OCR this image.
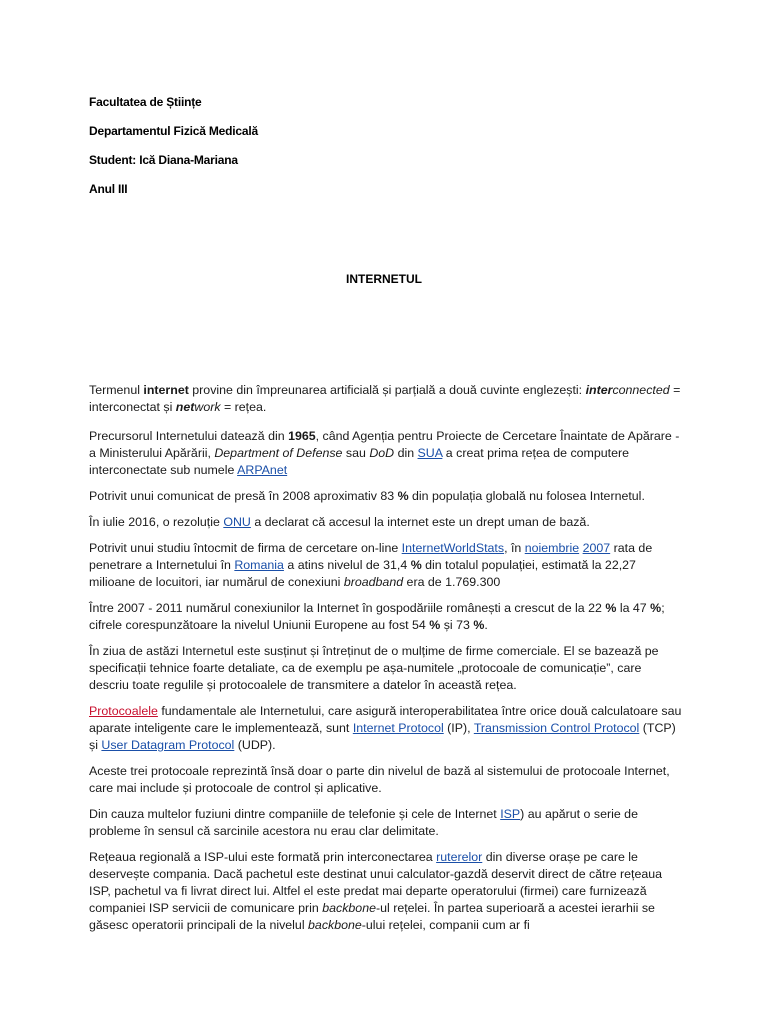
Facultatea de Științe
Departamentul Fizică Medicală
Student: Ică Diana-Mariana
Anul III
INTERNETUL

Termenul internet provine din împreunarea artificială și parțială a două cuvinte englezești: interconnected = interconectat și network = rețea.

Precursorul Internetului datează din 1965, când Agenția pentru Proiecte de Cercetare Înaintate de Apărare - a Ministerului Apărării, Department of Defense sau DoD din SUA a creat prima rețea de computere interconectate sub numele ARPAnet

Potrivit unui comunicat de presă în 2008 aproximativ 83 % din populația globală nu folosea Internetul.

În iulie 2016, o rezoluție ONU a declarat că accesul la internet este un drept uman de bază.

Potrivit unui studiu întocmit de firma de cercetare on-line InternetWorldStats, în noiembrie 2007 rata de penetrare a Internetului în Romania a atins nivelul de 31,4 % din totalul populației, estimată la 22,27 milioane de locuitori, iar numărul de conexiuni broadband era de 1.769.300

Între 2007 - 2011 numărul conexiunilor la Internet în gospodăriile românești a crescut de la 22 % la 47 %; cifrele corespunzătoare la nivelul Uniunii Europene au fost 54 % și 73 %.

În ziua de astăzi Internetul este susținut și întreținut de o mulțime de firme comerciale. El se bazează pe specificații tehnice foarte detaliate, ca de exemplu pe așa-numitele „protocoale de comunicație”, care descriu toate regulile și protocoalele de transmitere a datelor în această rețea.

Protocoalele fundamentale ale Internetului, care asigură interoperabilitatea între orice două calculatoare sau aparate inteligente care le implementează, sunt Internet Protocol (IP), Transmission Control Protocol (TCP) și User Datagram Protocol (UDP).

Aceste trei protocoale reprezintă însă doar o parte din nivelul de bază al sistemului de protocoale Internet, care mai include și protocoale de control și aplicative.

Din cauza multelor fuziuni dintre companiile de telefonie și cele de Internet ISP) au apărut o serie de probleme în sensul că sarcinile acestora nu erau clar delimitate.

Rețeaua regională a ISP-ului este formată prin interconectarea ruterelor din diverse orașe pe care le deservește compania. Dacă pachetul este destinat unui calculator-gazdă deservit direct de către rețeaua ISP, pachetul va fi livrat direct lui. Altfel el este predat mai departe operatorului (firmei) care furnizează companiei ISP servicii de comunicare prin backbone-ul rețelei. În partea superioară a acestei ierarhii se găsesc operatorii principali de la nivelul backbone-ului rețelei, companii cum ar fi
